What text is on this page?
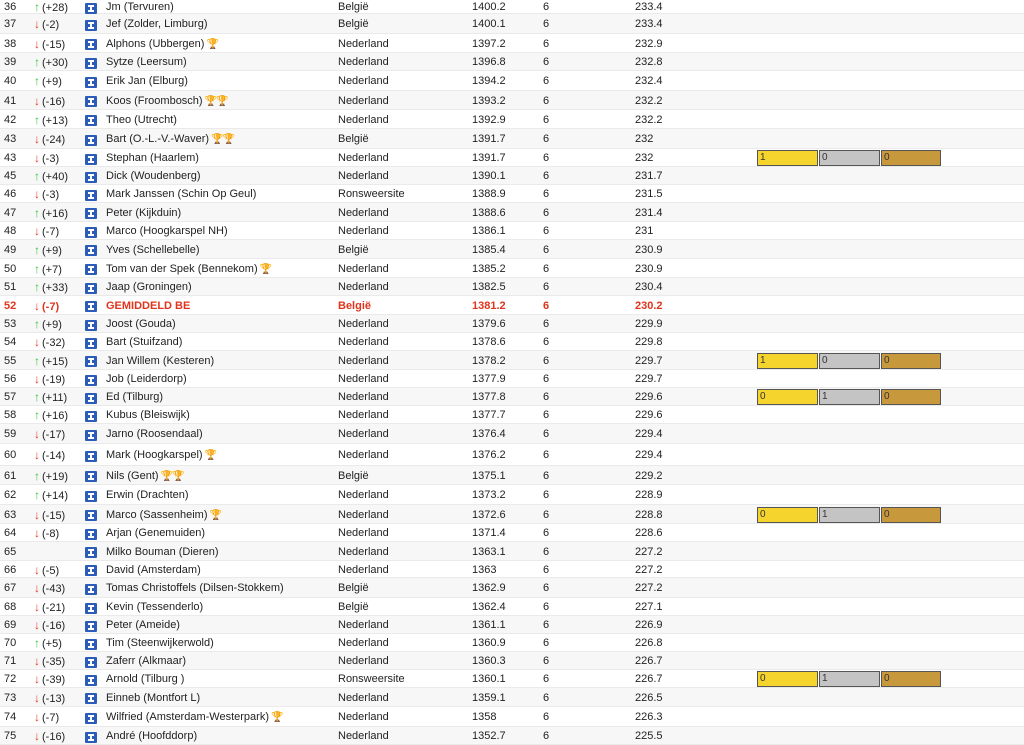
36 ↑ (+28)	Jm (Tervuren)	België	1400.2	6	233.4
37 ↓ (-2)	Jef (Zolder, Limburg)	België	1400.1	6	233.4
38 ↓ (-15)	Alphons (Ubbergen) 🏆	Nederland	1397.2	6	232.9
39 ↑ (+30)	Sytze (Leersum)	Nederland	1396.8	6	232.8
40 ↑ (+9)	Erik Jan (Elburg)	Nederland	1394.2	6	232.4
41 ↓ (-16)	Koos (Froombosch) 🏆🏆	Nederland	1393.2	6	232.2
42 ↑ (+13)	Theo (Utrecht)	Nederland	1392.9	6	232.2
43 ↓ (-24)	Bart (O.-L.-V.-Waver) 🏆🏆	België	1391.7	6	232
43 ↓ (-3)	Stephan (Haarlem)	Nederland	1391.7	6	232	1	0	0
45 ↑ (+40)	Dick (Woudenberg)	Nederland	1390.1	6	231.7
46 ↓ (-3)	Mark Janssen (Schin Op Geul)	Ronsweersite	1388.9	6	231.5
47 ↑ (+16)	Peter (Kijkduin)	Nederland	1388.6	6	231.4
48 ↓ (-7)	Marco (Hoogkarspel NH)	Nederland	1386.1	6	231
49 ↑ (+9)	Yves (Schellebelle)	België	1385.4	6	230.9
50 ↑ (+7)	Tom van der Spek (Bennekom) 🏆	Nederland	1385.2	6	230.9
51 ↑ (+33)	Jaap (Groningen)	Nederland	1382.5	6	230.4
52 ↓ (-7)	GEMIDDELD BE	België	1381.2	6	230.2
53 ↑ (+9)	Joost (Gouda)	Nederland	1379.6	6	229.9
54 ↓ (-32)	Bart (Stuifzand)	Nederland	1378.6	6	229.8
55 ↑ (+15)	Jan Willem (Kesteren)	Nederland	1378.2	6	229.7	1	0	0
56 ↓ (-19)	Job (Leiderdorp)	Nederland	1377.9	6	229.7
57 ↑ (+11)	Ed (Tilburg)	Nederland	1377.8	6	229.6	0	1	0
58 ↑ (+16)	Kubus (Bleiswijk)	Nederland	1377.7	6	229.6
59 ↓ (-17)	Jarno (Roosendaal)	Nederland	1376.4	6	229.4
60 ↓ (-14)	Mark (Hoogkarspel) 🏆	Nederland	1376.2	6	229.4
61 ↑ (+19)	Nils (Gent) 🏆🏆	België	1375.1	6	229.2
62 ↑ (+14)	Erwin (Drachten)	Nederland	1373.2	6	228.9
63 ↓ (-15)	Marco (Sassenheim) 🏆	Nederland	1372.6	6	228.8	0	1	0
64 ↓ (-8)	Arjan (Genemuiden)	Nederland	1371.4	6	228.6
65	Milko Bouman (Dieren)	Nederland	1363.1	6	227.2
66 ↓ (-5)	David (Amsterdam)	Nederland	1363	6	227.2
67 ↓ (-43)	Tomas Christoffels (Dilsen-Stokkem)	België	1362.9	6	227.2
68 ↓ (-21)	Kevin (Tessenderlo)	België	1362.4	6	227.1
69 ↓ (-16)	Peter (Ameide)	Nederland	1361.1	6	226.9
70 ↑ (+5)	Tim (Steenwijkerwold)	Nederland	1360.9	6	226.8
71 ↓ (-35)	Zaferr (Alkmaar)	Nederland	1360.3	6	226.7
72 ↓ (-39)	Arnold (Tilburg )	Ronsweersite	1360.1	6	226.7	0	1	0
73 ↓ (-13)	Einneb (Montfort L)	Nederland	1359.1	6	226.5
74 ↓ (-7)	Wilfried (Amsterdam-Westerpark) 🏆	Nederland	1358	6	226.3
75 ↓ (-16)	André (Hoofddorp)	Nederland	1352.7	6	225.5
